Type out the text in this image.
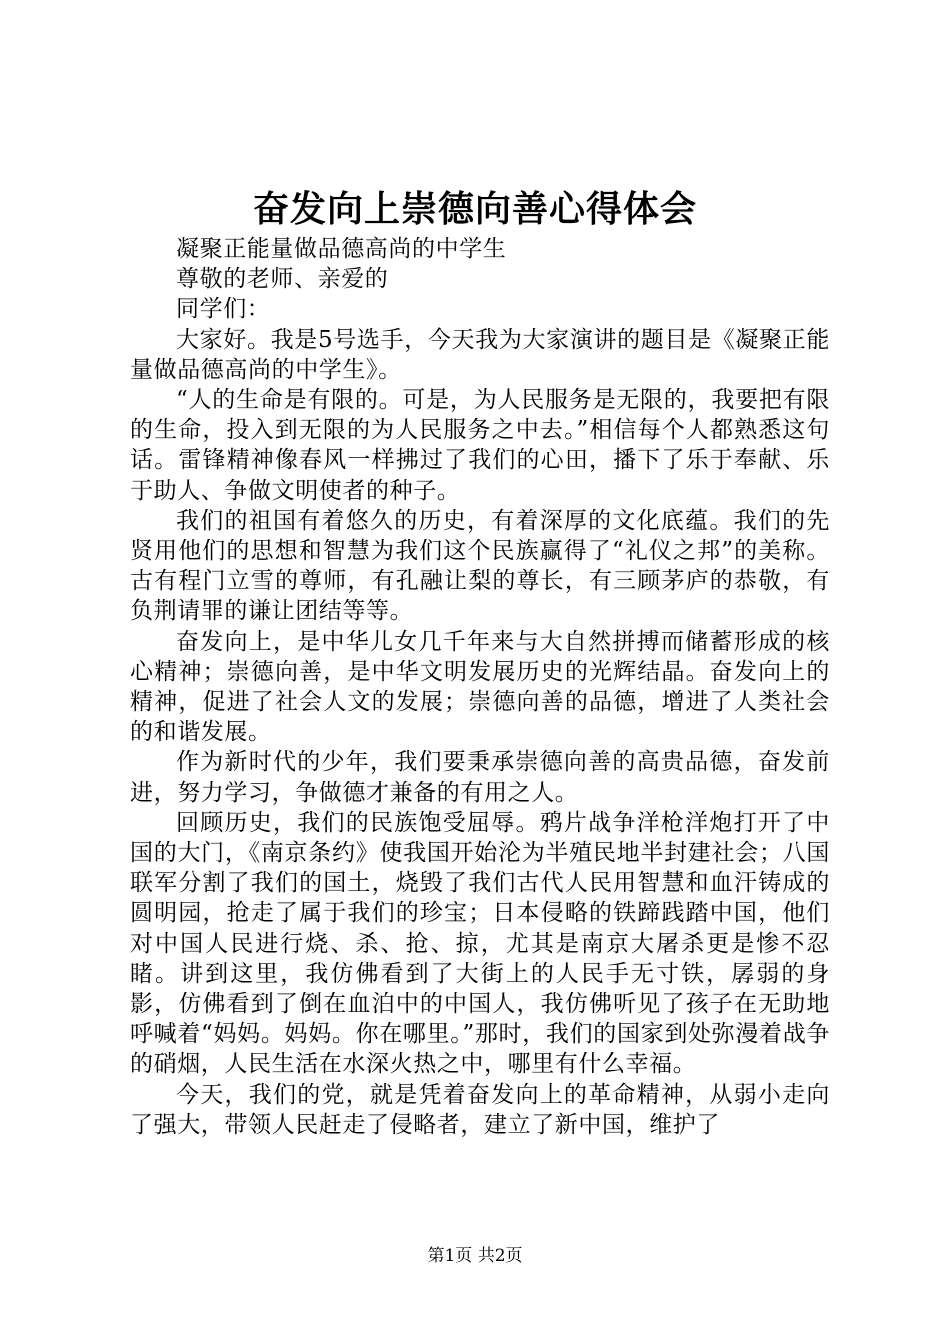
奋发向上崇德向善心得体会

凝聚正能量做品德高尚的中学生

尊敬的老师、亲爱的

同学们：

大家好。我是5号选手，今天我为大家演讲的题目是《凝聚正能量做品德高尚的中学生》。

“人的生命是有限的。可是，为人民服务是无限的，我要把有限的生命，投入到无限的为人民服务之中去。”相信每个人都熟悉这句话。雷锋精神像春风一样拂过了我们的心田，播下了乐于奉献、乐于助人、争做文明使者的种子。

我们的祖国有着悠久的历史，有着深厚的文化底蕴。我们的先贤用他们的思想和智慧为我们这个民族赢得了“礼仪之邦”的美称。古有程门立雪的尊师，有孔融让梨的尊长，有三顾茅庐的恭敬，有负荆请罪的谦让团结等等。

奋发向上，是中华儿女几千年来与大自然拼搏而储蓄形成的核心精神；崇德向善，是中华文明发展历史的光辉结晶。奋发向上的精神，促进了社会人文的发展；崇德向善的品德，增进了人类社会的和谐发展。

作为新时代的少年，我们要秉承崇德向善的高贵品德，奋发前进，努力学习，争做德才兼备的有用之人。

回顾历史，我们的民族饱受屈辱。鸦片战争洋枪洋炮打开了中国的大门，《南京条约》使我国开始沦为半殖民地半封建社会；八国联军分割了我们的国土，烧毁了我们古代人民用智慧和血汗铸成的圆明园，抢走了属于我们的珍宝；日本侵略的铁蹄践踏中国，他们对中国人民进行烧、杀、抢、掠，尤其是南京大屠杀更是惨不忍睹。讲到这里，我仿佛看到了大街上的人民手无寸铁，孱弱的身影，仿佛看到了倒在血泊中的中国人，我仿佛听见了孩子在无助地呼喊着“妈妈。妈妈。你在哪里。”那时，我们的国家到处弥漫着战争的硝烟，人民生活在水深火热之中，哪里有什么幸福。

今天，我们的党，就是凭着奋发向上的革命精神，从弱小走向了强大，带领人民赶走了侵略者，建立了新中国，维护了

第1页 共2页
